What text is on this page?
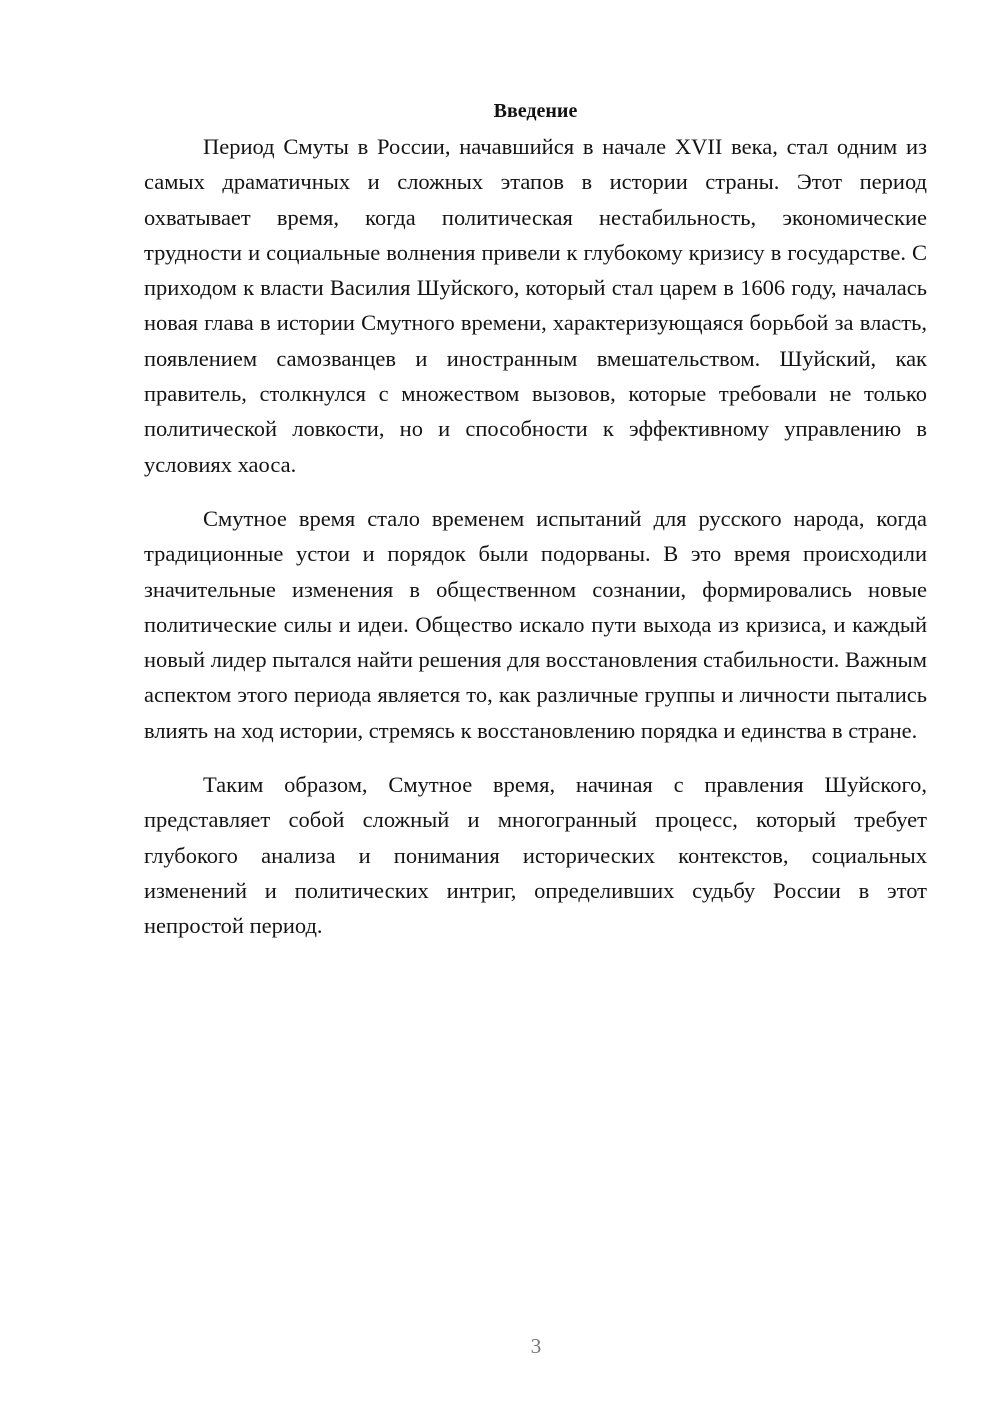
Введение

Период Смуты в России, начавшийся в начале XVII века, стал одним из самых драматичных и сложных этапов в истории страны. Этот период охватывает время, когда политическая нестабильность, экономические трудности и социальные волнения привели к глубокому кризису в государстве. С приходом к власти Василия Шуйского, который стал царем в 1606 году, началась новая глава в истории Смутного времени, характеризующаяся борьбой за власть, появлением самозванцев и иностранным вмешательством. Шуйский, как правитель, столкнулся с множеством вызовов, которые требовали не только политической ловкости, но и способности к эффективному управлению в условиях хаоса.

Смутное время стало временем испытаний для русского народа, когда традиционные устои и порядок были подорваны. В это время происходили значительные изменения в общественном сознании, формировались новые политические силы и идеи. Общество искало пути выхода из кризиса, и каждый новый лидер пытался найти решения для восстановления стабильности. Важным аспектом этого периода является то, как различные группы и личности пытались влиять на ход истории, стремясь к восстановлению порядка и единства в стране.

Таким образом, Смутное время, начиная с правления Шуйского, представляет собой сложный и многогранный процесс, который требует глубокого анализа и понимания исторических контекстов, социальных изменений и политических интриг, определивших судьбу России в этот непростой период.

3
